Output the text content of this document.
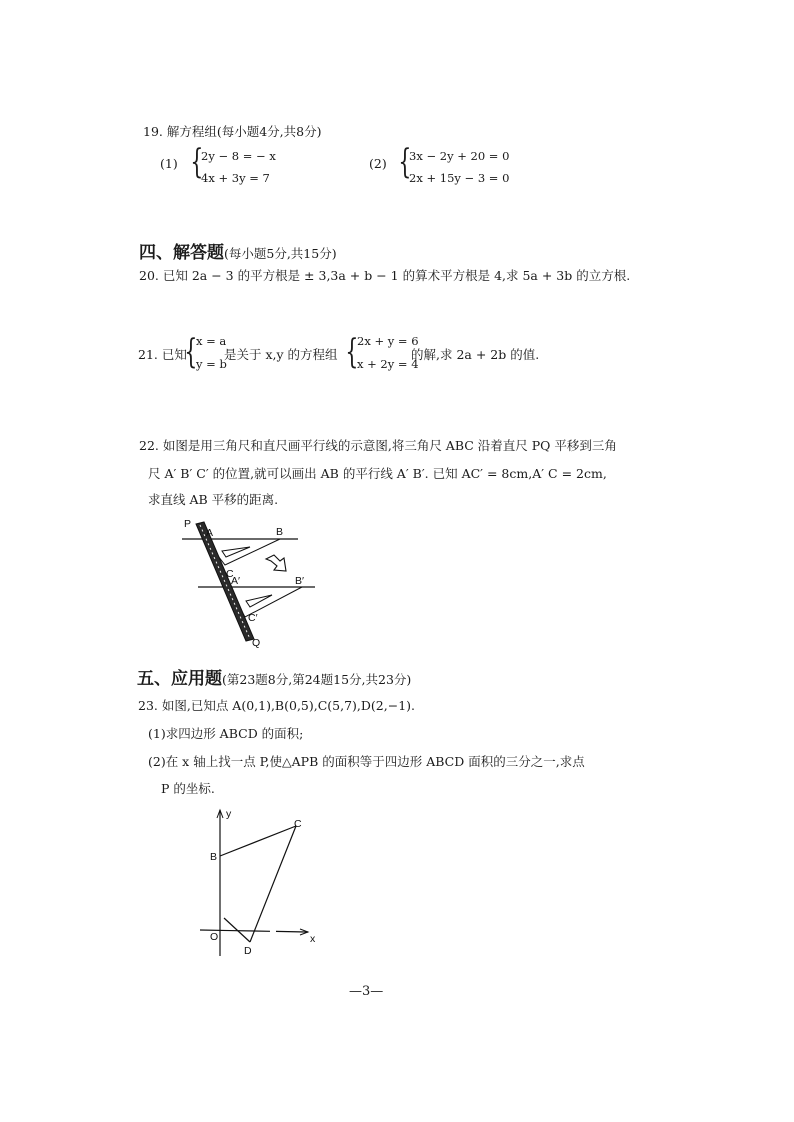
19. 解方程组(每小题4分,共8分)
(1) {
2y − 8 = − x
4x + 3y = 7
(2) {
3x − 2y + 20 = 0
2x + 15y − 3 = 0
四、解答题(每小题5分,共15分)
20. 已知 2a − 3 的平方根是 ± 3,3a + b − 1 的算术平方根是 4,求 5a + 3b 的立方根.
21. 已知
{
x = a
y = b
是关于 x,y 的方程组 {
2x + y = 6
x + 2y = 4
的解,求 2a + 2b 的值.
22. 如图是用三角尺和直尺画平行线的示意图,将三角尺 ABC 沿着直尺 PQ 平移到三角
尺 A′ B′ C′ 的位置,就可以画出 AB 的平行线 A′ B′. 已知 AC′ = 8cm,A′ C = 2cm,
求直线 AB 平移的距离.
P
A	B
C
A′	B′
C′
Q
五、应用题(第23题8分,第24题15分,共23分)
23. 如图,已知点 A(0,1),B(0,5),C(5,7),D(2,−1).
(1)求四边形 ABCD 的面积;
(2)在 x 轴上找一点 P,使△APB 的面积等于四边形 ABCD 面积的三分之一,求点
P 的坐标.
y
x
B
C
O
D
—3—
